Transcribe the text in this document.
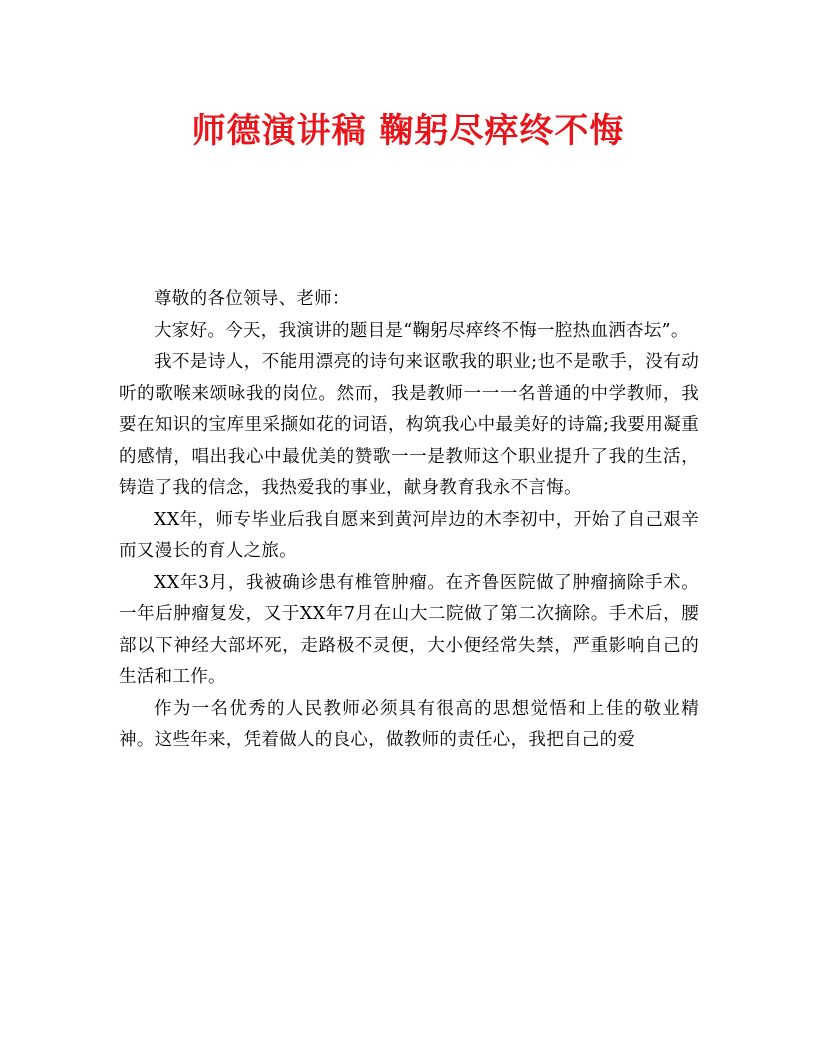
师德演讲稿 鞠躬尽瘁终不悔

尊敬的各位领导、老师：

大家好。今天，我演讲的题目是“鞠躬尽瘁终不悔一腔热血洒杏坛”。

我不是诗人，不能用漂亮的诗句来讴歌我的职业;也不是歌手，没有动听的歌喉来颂咏我的岗位。然而，我是教师一一一名普通的中学教师，我要在知识的宝库里采撷如花的词语，构筑我心中最美好的诗篇;我要用凝重的感情，唱出我心中最优美的赞歌一一是教师这个职业提升了我的生活，铸造了我的信念，我热爱我的事业，献身教育我永不言悔。

XX年，师专毕业后我自愿来到黄河岸边的木李初中，开始了自己艰辛而又漫长的育人之旅。

XX年3月，我被确诊患有椎管肿瘤。在齐鲁医院做了肿瘤摘除手术。一年后肿瘤复发，又于XX年7月在山大二院做了第二次摘除。手术后，腰部以下神经大部坏死，走路极不灵便，大小便经常失禁，严重影响自己的生活和工作。

作为一名优秀的人民教师必须具有很高的思想觉悟和上佳的敬业精神。这些年来，凭着做人的良心，做教师的责任心，我把自己的爱
